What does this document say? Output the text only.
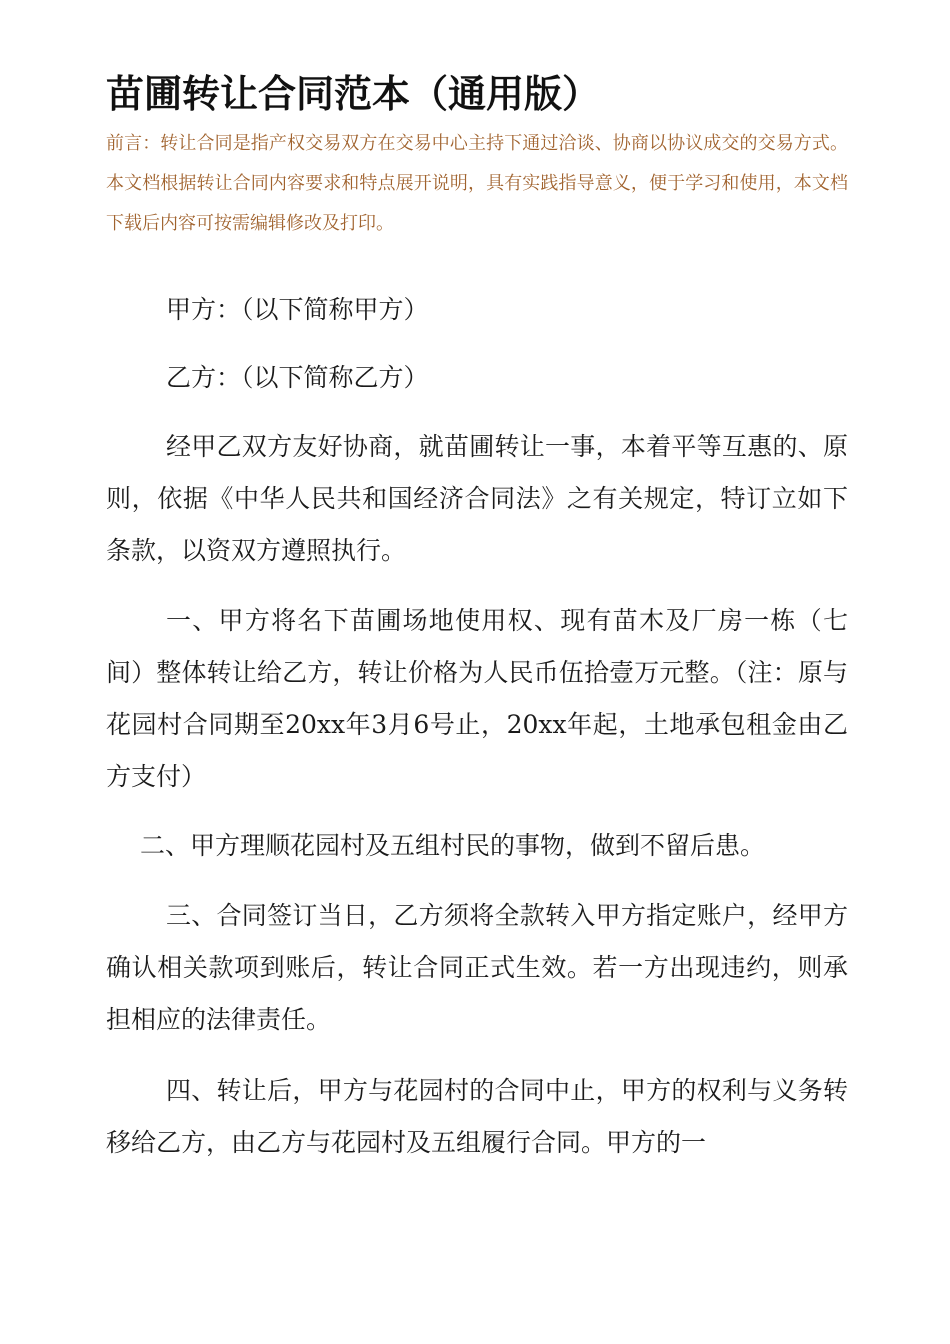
苗圃转让合同范本（通用版）

前言：转让合同是指产权交易双方在交易中心主持下通过洽谈、协商以协议成交的交易方式。本文档根据转让合同内容要求和特点展开说明，具有实践指导意义，便于学习和使用，本文档下载后内容可按需编辑修改及打印。

甲方：（以下简称甲方）

乙方：（以下简称乙方）

经甲乙双方友好协商，就苗圃转让一事，本着平等互惠的、原则，依据《中华人民共和国经济合同法》之有关规定，特订立如下条款，以资双方遵照执行。

一、甲方将名下苗圃场地使用权、现有苗木及厂房一栋（七间）整体转让给乙方，转让价格为人民币伍拾壹万元整。（注：原与花园村合同期至20xx年3月6号止，20xx年起，土地承包租金由乙方支付）

二、甲方理顺花园村及五组村民的事物，做到不留后患。

三、合同签订当日，乙方须将全款转入甲方指定账户，经甲方确认相关款项到账后，转让合同正式生效。若一方出现违约，则承担相应的法律责任。

四、转让后，甲方与花园村的合同中止，甲方的权利与义务转移给乙方，由乙方与花园村及五组履行合同。甲方的一
